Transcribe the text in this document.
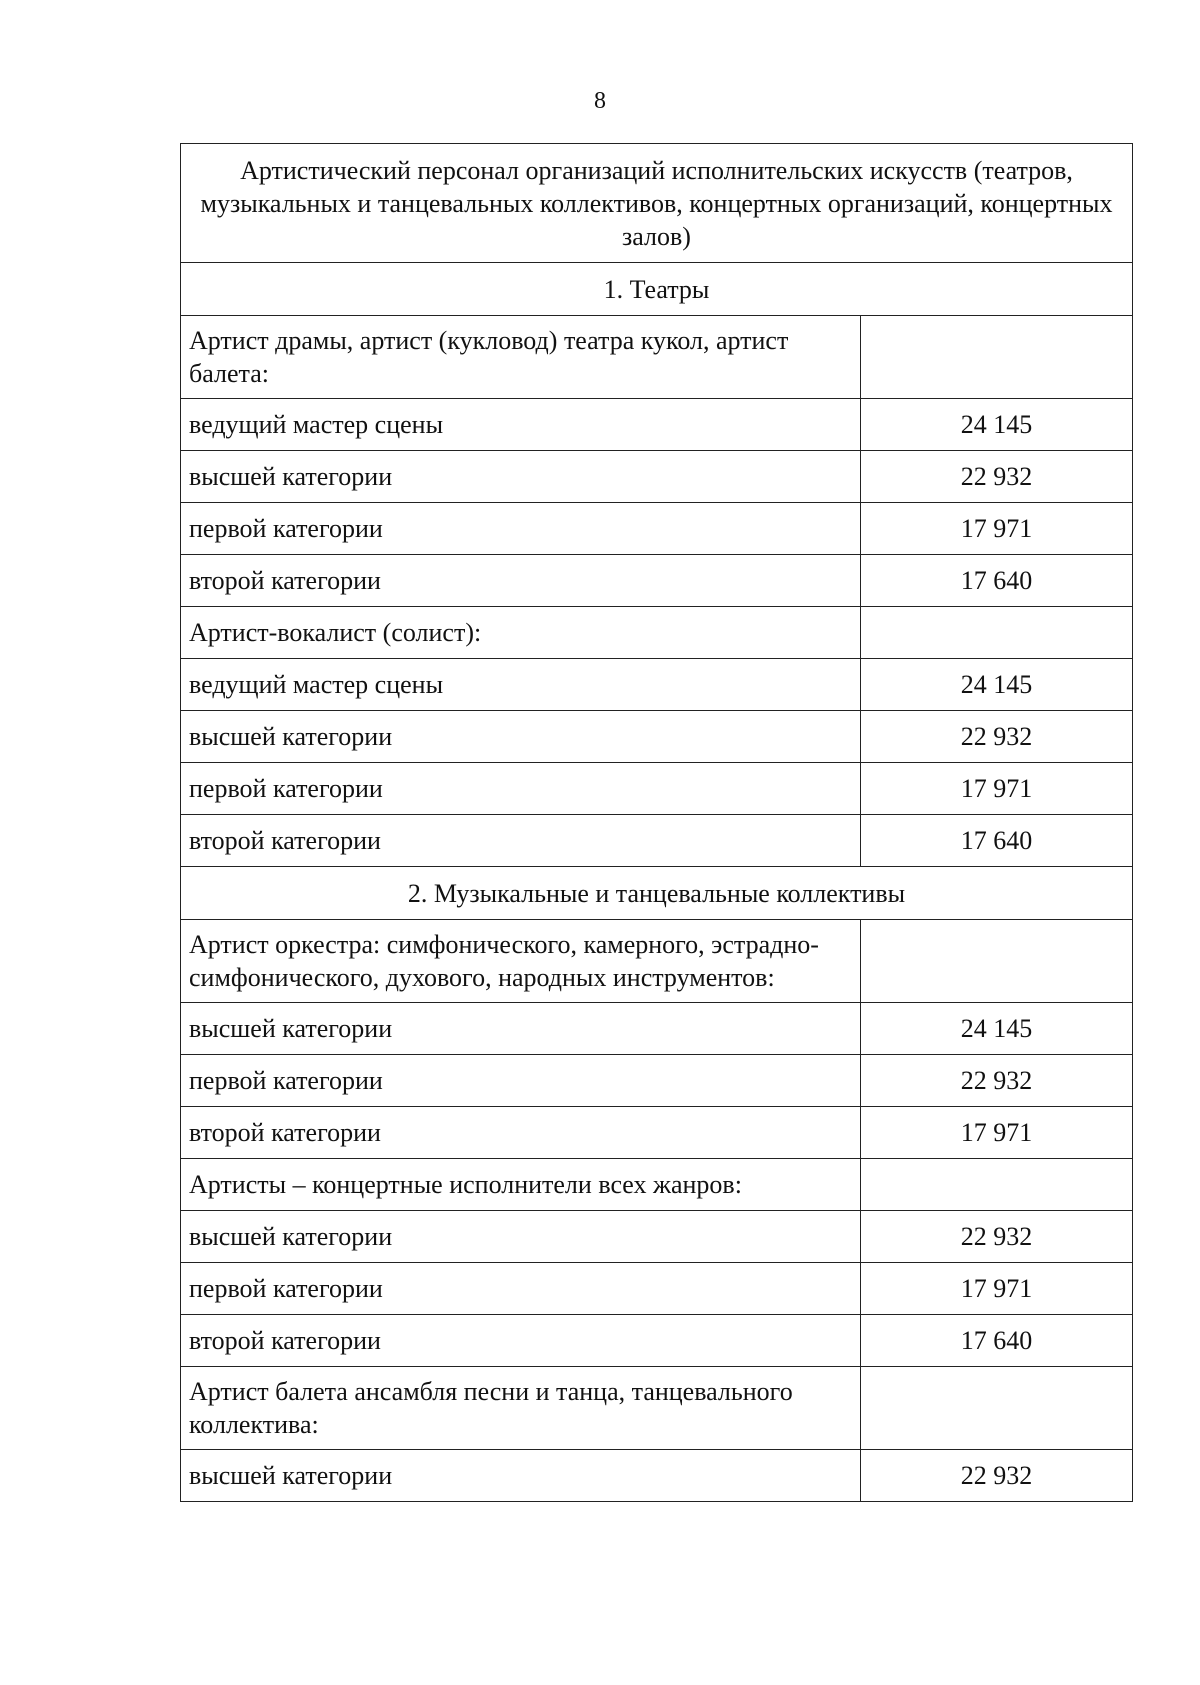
8
Артистический персонал организаций исполнительских искусств (театров, музыкальных и танцевальных коллективов, концертных организаций, концертных залов)	
1. Театры	
Артист драмы, артист (кукловод) театра кукол, артист балета:	
ведущий мастер сцены	24 145
высшей категории	22 932
первой категории	17 971
второй категории	17 640
Артист-вокалист (солист):	
ведущий мастер сцены	24 145
высшей категории	22 932
первой категории	17 971
второй категории	17 640
2. Музыкальные и танцевальные коллективы	
Артист оркестра: симфонического, камерного, эстрадно-симфонического, духового, народных инструментов:	
высшей категории	24 145
первой категории	22 932
второй категории	17 971
Артисты – концертные исполнители всех жанров:	
высшей категории	22 932
первой категории	17 971
второй категории	17 640
Артист балета ансамбля песни и танца, танцевального коллектива:	
высшей категории	22 932
